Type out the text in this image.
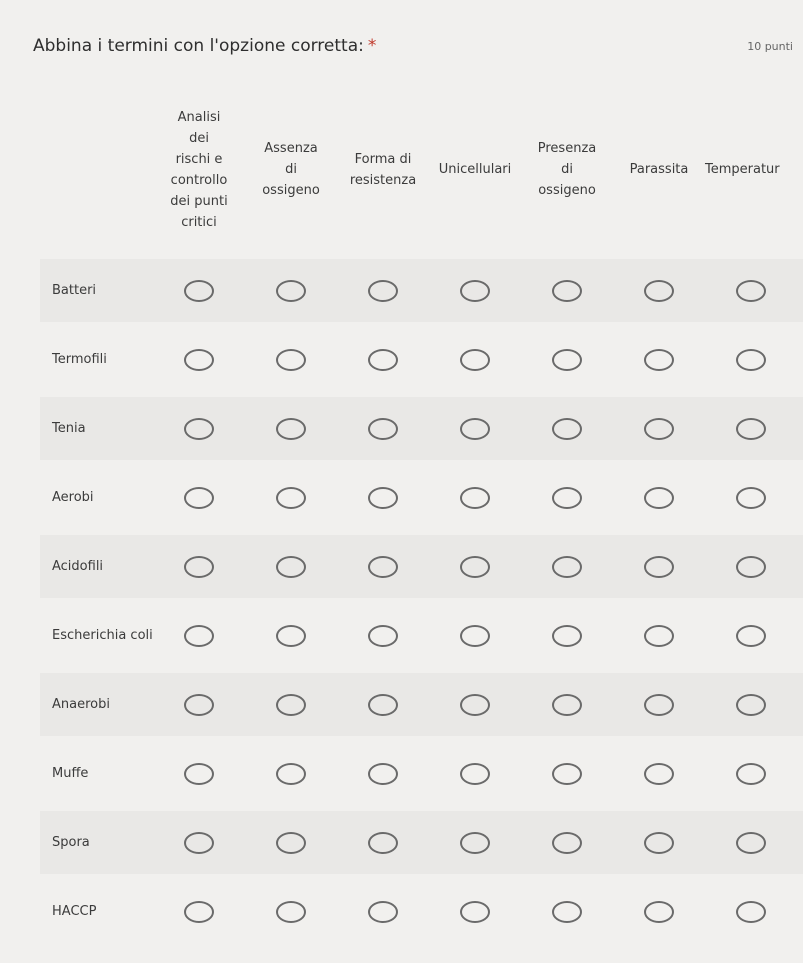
Abbina i termini con l'opzione corretta: *	10 punti
Analisi
dei
rischi e
controllo
dei punti
critici
Assenza
di
ossigeno
Forma di
resistenza
Unicellulari
Presenza
di
ossigeno
Parassita	Temperatur
Batteri
Termofili
Tenia
Aerobi
Acidofili
Escherichia coli
Anaerobi
Muffe
Spora
HACCP
